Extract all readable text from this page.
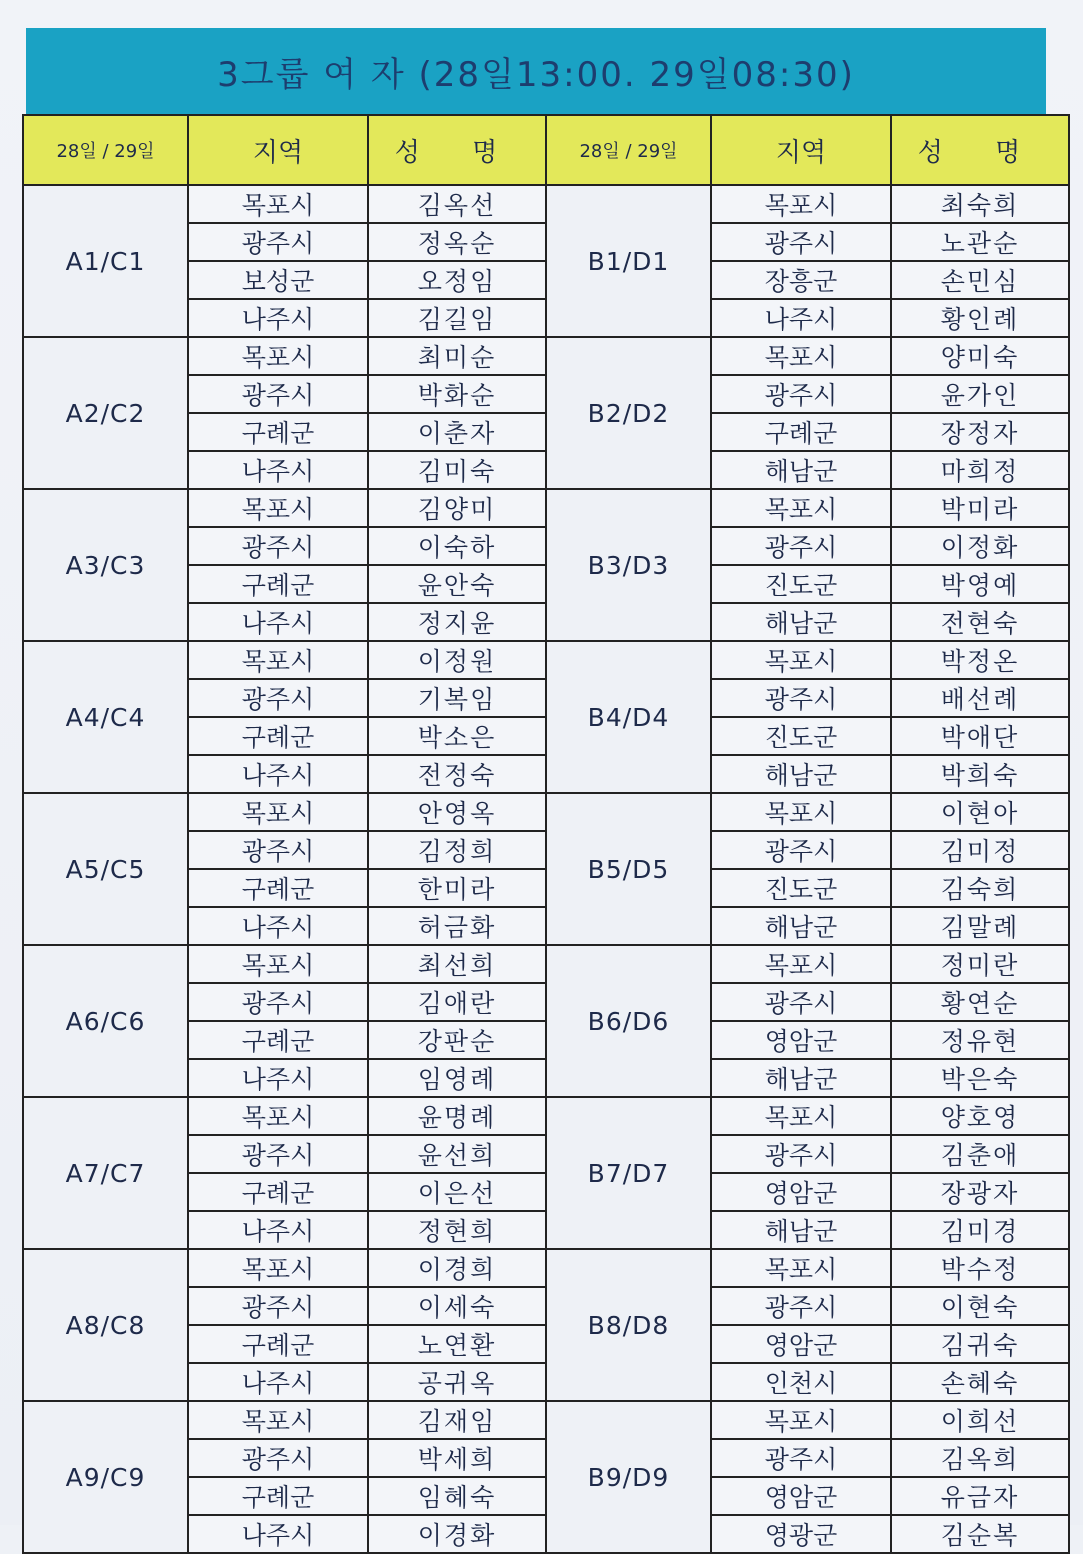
3그룹 여 자 (28일13:00. 29일08:30)
28일 / 29일	지역	성 명	28일 / 29일	지역	성 명
A1/C1	목포시	김옥선	B1/D1	목포시	최숙희
	광주시	정옥순		광주시	노관순
	보성군	오정임		장흥군	손민심
	나주시	김길임		나주시	황인례
A2/C2	목포시	최미순	B2/D2	목포시	양미숙
	광주시	박화순		광주시	윤가인
	구례군	이춘자		구례군	장정자
	나주시	김미숙		해남군	마희정
A3/C3	목포시	김양미	B3/D3	목포시	박미라
	광주시	이숙하		광주시	이정화
	구례군	윤안숙		진도군	박영예
	나주시	정지윤		해남군	전현숙
A4/C4	목포시	이정원	B4/D4	목포시	박정온
	광주시	기복임		광주시	배선례
	구례군	박소은		진도군	박애단
	나주시	전정숙		해남군	박희숙
A5/C5	목포시	안영옥	B5/D5	목포시	이현아
	광주시	김정희		광주시	김미정
	구례군	한미라		진도군	김숙희
	나주시	허금화		해남군	김말례
A6/C6	목포시	최선희	B6/D6	목포시	정미란
	광주시	김애란		광주시	황연순
	구례군	강판순		영암군	정유현
	나주시	임영례		해남군	박은숙
A7/C7	목포시	윤명례	B7/D7	목포시	양호영
	광주시	윤선희		광주시	김춘애
	구례군	이은선		영암군	장광자
	나주시	정현희		해남군	김미경
A8/C8	목포시	이경희	B8/D8	목포시	박수정
	광주시	이세숙		광주시	이현숙
	구례군	노연환		영암군	김귀숙
	나주시	공귀옥		인천시	손혜숙
A9/C9	목포시	김재임	B9/D9	목포시	이희선
	광주시	박세희		광주시	김옥희
	구례군	임혜숙		영암군	유금자
	나주시	이경화		영광군	김순복
